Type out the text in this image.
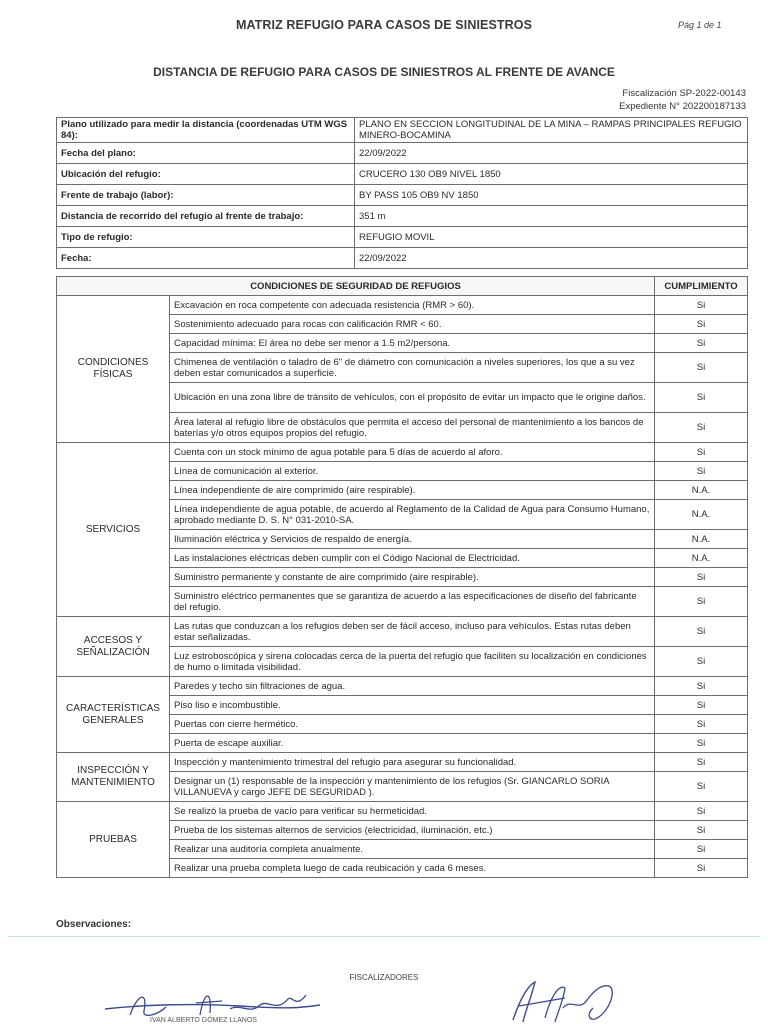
MATRIZ REFUGIO PARA CASOS DE SINIESTROS	Pág 1 de 1
DISTANCIA DE REFUGIO PARA CASOS DE SINIESTROS AL FRENTE DE AVANCE
Fiscalización SP-2022-00143
Expediente N° 202200187133
Plano utilizado para medir la distancia (coordenadas UTM WGS 84):	PLANO EN SECCION LONGITUDINAL DE LA MINA – RAMPAS PRINCIPALES REFUGIO MINERO-BOCAMINA
Fecha del plano:	22/09/2022
Ubicación del refugio:	CRUCERO 130 OB9 NIVEL 1850
Frente de trabajo (labor):	BY PASS 105 OB9 NV 1850
Distancia de recorrido del refugio al frente de trabajo:	351 m
Tipo de refugio:	REFUGIO MOVIL
Fecha:	22/09/2022
CONDICIONES DE SEGURIDAD DE REFUGIOS		CUMPLIMIENTO
CONDICIONES FÍSICAS	Excavación en roca competente con adecuada resistencia (RMR > 60).	Si
	Sostenimiento adecuado para rocas con calificación RMR < 60.	Si
	Capacidad mínima: El área no debe ser menor a 1.5 m2/persona.	Si
	Chimenea de ventilación o taladro de 6" de diámetro con comunicación a niveles superiores, los que a su vez deben estar comunicados a superficie.	Si
	Ubicación en una zona libre de tránsito de vehículos, con el propósito de evitar un impacto que le origine daños.	Si
	Área lateral al refugio libre de obstáculos que permita el acceso del personal de mantenimiento a los bancos de baterías y/o otros equipos propios del refugio.	Si
SERVICIOS	Cuenta con un stock mínimo de agua potable para 5 días de acuerdo al aforo.	Si
	Línea de comunicación al exterior.	Si
	Línea independiente de aire comprimido (aire respirable).	N.A.
	Línea independiente de agua potable, de acuerdo al Reglamento de la Calidad de Agua para Consumo Humano, aprobado mediante D. S. N° 031-2010-SA.	N.A.
	Iluminación eléctrica y Servicios de respaldo de energía.	N.A.
	Las instalaciones eléctricas deben cumplir con el Código Nacional de Electricidad.	N.A.
	Suministro permanente y constante de aire comprimido (aire respirable).	Si
	Suministro eléctrico permanentes que se garantiza de acuerdo a las especificaciones de diseño del fabricante del refugio.	Si
ACCESOS Y SEÑALIZACIÓN	Las rutas que conduzcan a los refugios deben ser de fácil acceso, incluso para vehículos. Estas rutas deben estar señalizadas.	Si
	Luz estroboscópica y sirena colocadas cerca de la puerta del refugio que faciliten su localización en condiciones de humo o limitada visibilidad.	Si
CARACTERÍSTICAS GENERALES	Paredes y techo sin filtraciones de agua.	Si
	Piso liso e incombustible.	Si
	Puertas con cierre hermético.	Si
	Puerta de escape auxiliar.	Si
INSPECCIÓN Y MANTENIMIENTO	Inspección y mantenimiento trimestral del refugio para asegurar su funcionalidad.	Si
	Designar un (1) responsable de la inspección y mantenimiento de los refugios (Sr. GIANCARLO SORIA VILLANUEVA y cargo JEFE DE SEGURIDAD ).	Si
PRUEBAS	Se realizó la prueba de vacío para verificar su hermeticidad.	Si
	Prueba de los sistemas alternos de servicios (electricidad, iluminación, etc.)	Si
	Realizar una auditoría completa anualmente.	Si
	Realizar una prueba completa luego de cada reubicación y cada 6 meses.	Si
Observaciones:
FISCALIZADORES
IVAN ALBERTO GÓMEZ LLANOS
